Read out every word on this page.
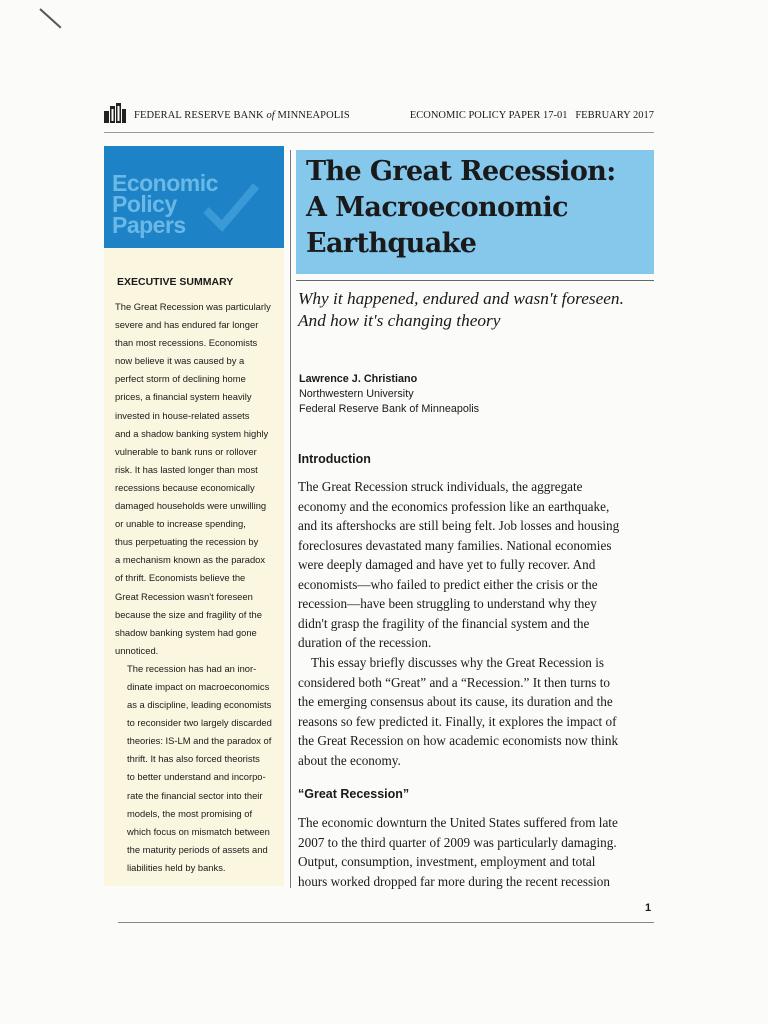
FEDERAL RESERVE BANK of MINNEAPOLIS	ECONOMIC POLICY PAPER 17-01   FEBRUARY 2017
Economic
Policy
Papers
EXECUTIVE SUMMARY

The Great Recession was particularly
severe and has endured far longer
than most recessions. Economists
now believe it was caused by a
perfect storm of declining home
prices, a financial system heavily
invested in house-related assets
and a shadow banking system highly
vulnerable to bank runs or rollover
risk. It has lasted longer than most
recessions because economically
damaged households were unwilling
or unable to increase spending,
thus perpetuating the recession by
a mechanism known as the paradox
of thrift. Economists believe the
Great Recession wasn't foreseen
because the size and fragility of the
shadow banking system had gone
unnoticed.

The recession has had an inor-
dinate impact on macroeconomics
as a discipline, leading economists
to reconsider two largely discarded
theories: IS-LM and the paradox of
thrift. It has also forced theorists
to better understand and incorpo-
rate the financial sector into their
models, the most promising of
which focus on mismatch between
the maturity periods of assets and
liabilities held by banks.

The Great Recession:
A Macroeconomic
Earthquake
Why it happened, endured and wasn't foreseen.
And how it's changing theory
Lawrence J. Christiano
Northwestern University
Federal Reserve Bank of Minneapolis
Introduction
The Great Recession struck individuals, the aggregate
economy and the economics profession like an earthquake,
and its aftershocks are still being felt. Job losses and housing
foreclosures devastated many families. National economies
were deeply damaged and have yet to fully recover. And
economists—who failed to predict either the crisis or the
recession—have been struggling to understand why they
didn't grasp the fragility of the financial system and the
duration of the recession.
This essay briefly discusses why the Great Recession is
considered both “Great” and a “Recession.” It then turns to
the emerging consensus about its cause, its duration and the
reasons so few predicted it. Finally, it explores the impact of
the Great Recession on how academic economists now think
about the economy.
“Great Recession”
The economic downturn the United States suffered from late
2007 to the third quarter of 2009 was particularly damaging.
Output, consumption, investment, employment and total
hours worked dropped far more during the recent recession
1
